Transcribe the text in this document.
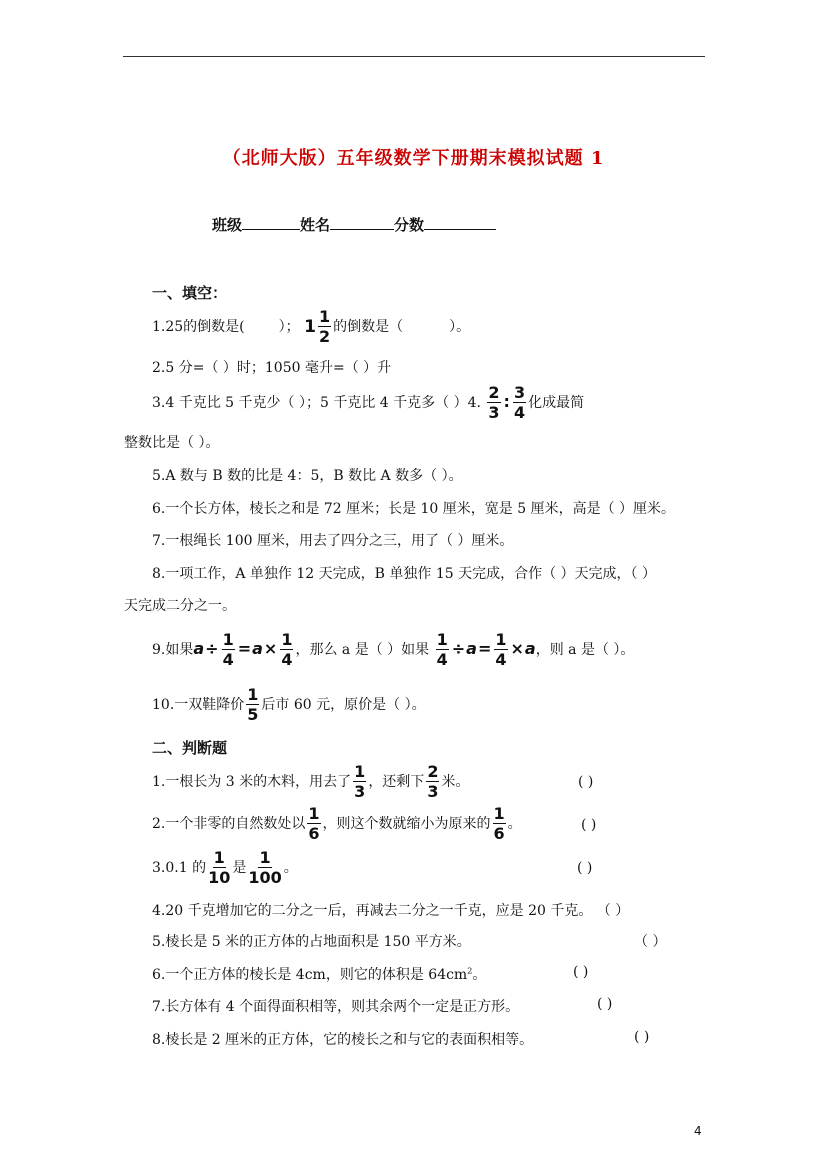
（北师大版）五年级数学下册期末模拟试题 1
班级	姓名	分数
一、填空：
1.25的倒数是( ）； $1 \frac{1}{2}$ 的倒数是（	）。
2.5 分=（ ）时；1050 毫升=（ ）升
3.4 千克比 5 千克少（ ）；5 千克比 4 千克多（ ）4. $\frac{2}{3}$ : $\frac{3}{4}$ 化成最简
整数比是（ ）。
5.A 数与 B 数的比是 4：5，B 数比 A 数多（ ）。
6.一个长方体，棱长之和是 72 厘米；长是 10 厘米，宽是 5 厘米，高是（ ）厘米。
7.一根绳长 100 厘米，用去了四分之三，用了（ ）厘米。
8.一项工作，A 单独作 12 天完成，B 单独作 15 天完成，合作（ ）天完成，（ ）
天完成二分之一。
9.如果$a\div \frac{1}{4} =a\times \frac{1}{4}$ ，那么 a 是（ ）如果 $\frac{1}{4} \div a= \frac{1}{4} \times a$，则 a 是（ ）。
10.一双鞋降价 $\frac{1}{5}$ 后市 60 元，原价是（ ）。
二、判断题
1.一根长为 3 米的木料，用去了 $\frac{1}{3}$ ，还剩下 $\frac{2}{3}$ 米。	( )
2.一个非零的自然数处以 $\frac{1}{6}$ ，则这个数就缩小为原来的 $\frac{1}{6}$ 。	( )
3.0.1 的 $\frac{1}{10}$ 是 $\frac{1}{100}$ 。	( )
4.20 千克增加它的二分之一后，再减去二分之一千克，应是 20 千克。 （ ）
5.棱长是 5 米的正方体的占地面积是 150 平方米。	（ ）
6.一个正方体的棱长是 4cm，则它的体积是 $64cm^2$。	( )
7.长方体有 4 个面得面积相等，则其余两个一定是正方形。	( )
8.棱长是 2 厘米的正方体，它的棱长之和与它的表面积相等。	( )
4
